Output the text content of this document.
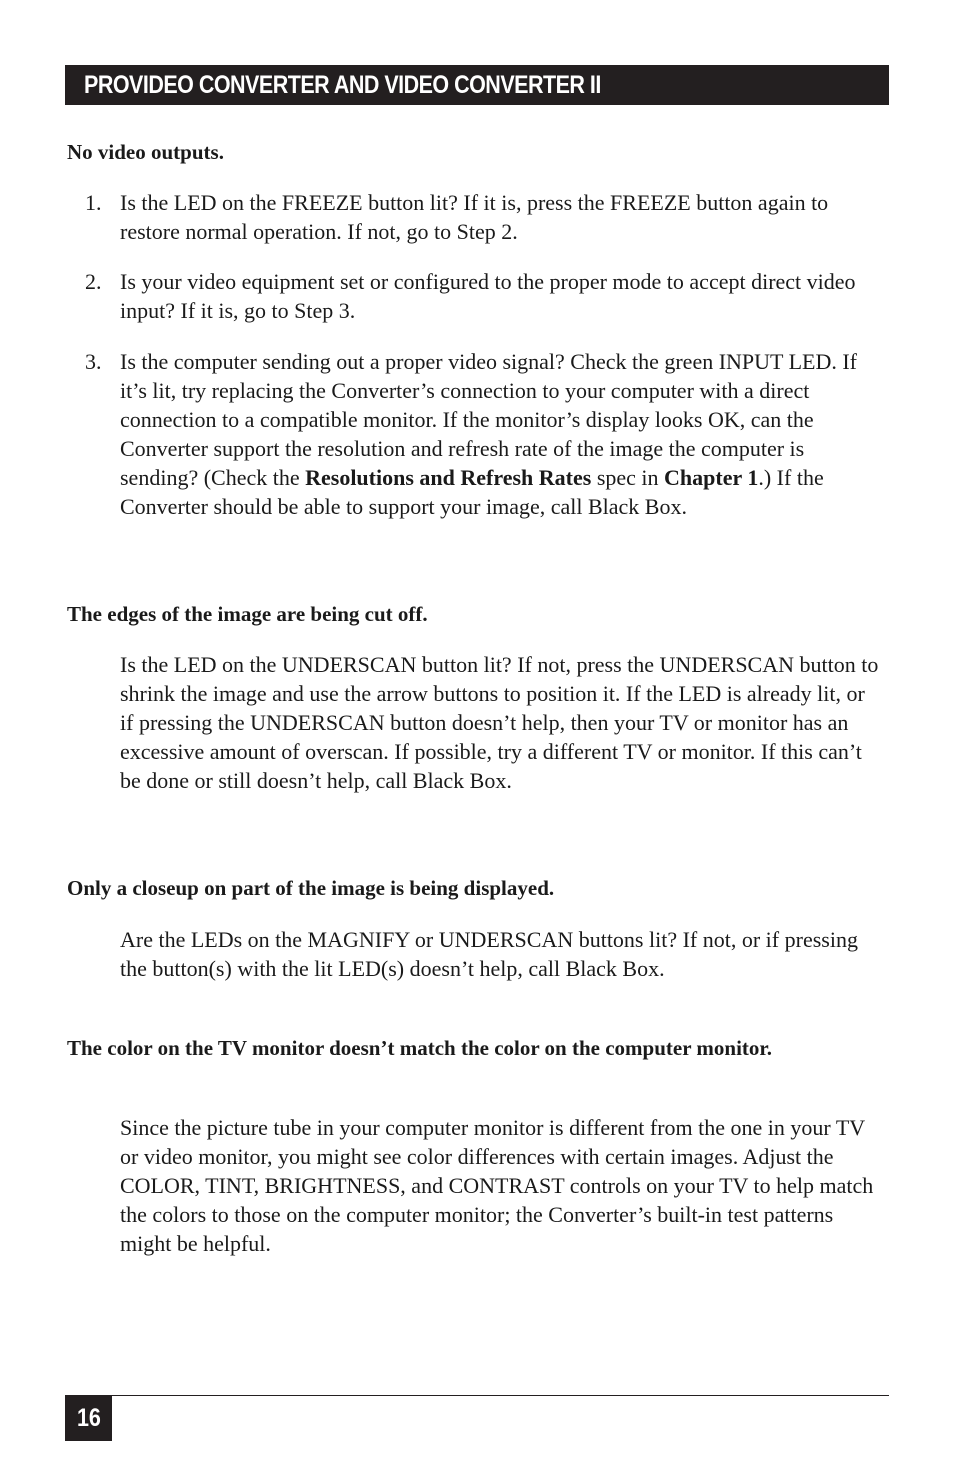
PROVIDEO CONVERTER AND VIDEO CONVERTER II
No video outputs.
1. Is the LED on the FREEZE button lit? If it is, press the FREEZE button again to restore normal operation. If not, go to Step 2.
2. Is your video equipment set or configured to the proper mode to accept direct video input? If it is, go to Step 3.
3. Is the computer sending out a proper video signal? Check the green INPUT LED. If it’s lit, try replacing the Converter’s connection to your computer with a direct connection to a compatible monitor. If the monitor’s display looks OK, can the Converter support the resolution and refresh rate of the image the computer is sending? (Check the Resolutions and Refresh Rates spec in Chapter 1.) If the Converter should be able to support your image, call Black Box.
The edges of the image are being cut off.

Is the LED on the UNDERSCAN button lit? If not, press the UNDERSCAN button to shrink the image and use the arrow buttons to position it. If the LED is already lit, or if pressing the UNDERSCAN button doesn’t help, then your TV or monitor has an excessive amount of overscan. If possible, try a different TV or monitor. If this can’t be done or still doesn’t help, call Black Box.

Only a closeup on part of the image is being displayed.

Are the LEDs on the MAGNIFY or UNDERSCAN buttons lit? If not, or if pressing the button(s) with the lit LED(s) doesn’t help, call Black Box.

The color on the TV monitor doesn’t match the color on the computer monitor.

Since the picture tube in your computer monitor is different from the one in your TV or video monitor, you might see color differences with certain images. Adjust the COLOR, TINT, BRIGHTNESS, and CONTRAST controls on your TV to help match the colors to those on the computer monitor; the Converter’s built-in test patterns might be helpful.

16
